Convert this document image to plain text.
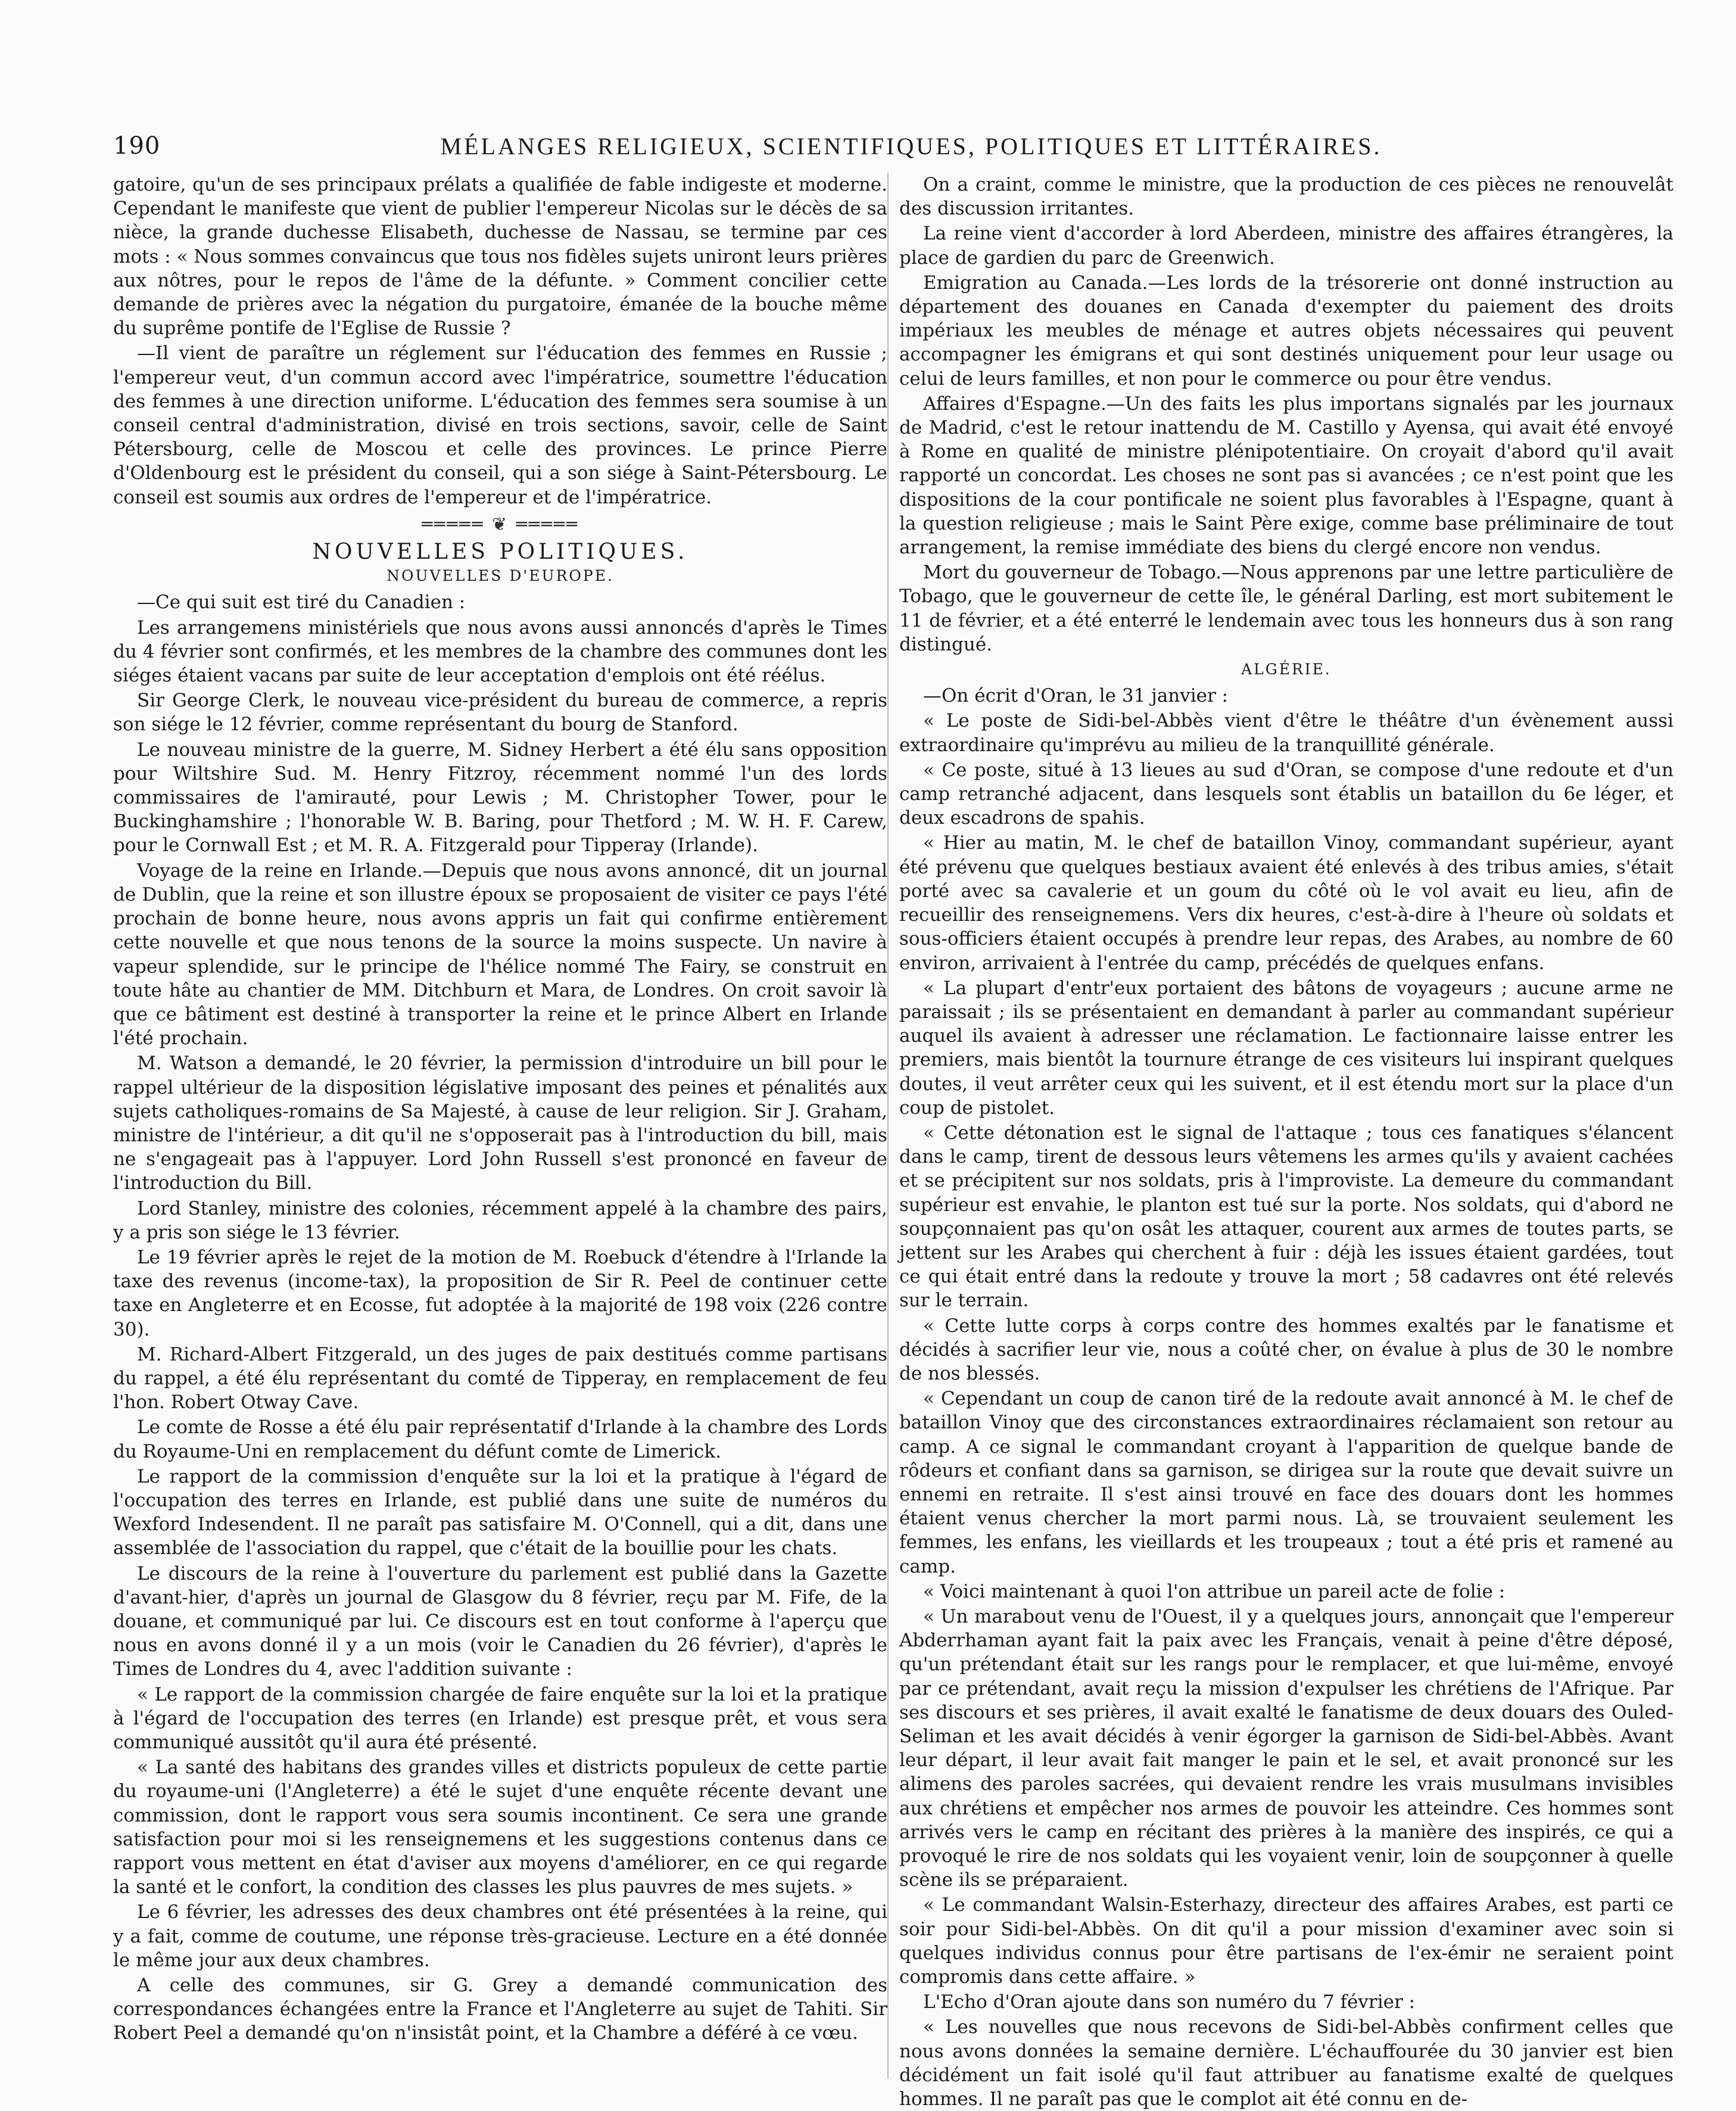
190	MÉLANGES RELIGIEUX, SCIENTIFIQUES, POLITIQUES ET LITTÉRAIRES.

gatoire, qu'un de ses principaux prélats a qualifiée de fable indigeste et moderne. Cependant le manifeste que vient de publier l'empereur Nicolas sur le décès de sa nièce, la grande duchesse Elisabeth, duchesse de Nassau, se termine par ces mots : « Nous sommes convaincus que tous nos fidèles sujets uniront leurs prières aux nôtres, pour le repos de l'âme de la défunte. » Comment concilier cette demande de prières avec la négation du purgatoire, émanée de la bouche même du suprême pontife de l'Eglise de Russie ?

—Il vient de paraître un réglement sur l'éducation des femmes en Russie ; l'empereur veut, d'un commun accord avec l'impératrice, soumettre l'éducation des femmes à une direction uniforme. L'éducation des femmes sera soumise à un conseil central d'administration, divisé en trois sections, savoir, celle de Saint Pétersbourg, celle de Moscou et celle des provinces. Le prince Pierre d'Oldenbourg est le président du conseil, qui a son siége à Saint-Pétersbourg. Le conseil est soumis aux ordres de l'empereur et de l'impératrice.

═════ ❦ ═════
NOUVELLES POLITIQUES.
NOUVELLES D'EUROPE.

—Ce qui suit est tiré du Canadien :

Les arrangemens ministériels que nous avons aussi annoncés d'après le Times du 4 février sont confirmés, et les membres de la chambre des communes dont les siéges étaient vacans par suite de leur acceptation d'emplois ont été réélus.

Sir George Clerk, le nouveau vice-président du bureau de commerce, a repris son siége le 12 février, comme représentant du bourg de Stanford.

Le nouveau ministre de la guerre, M. Sidney Herbert a été élu sans opposition pour Wiltshire Sud. M. Henry Fitzroy, récemment nommé l'un des lords commissaires de l'amirauté, pour Lewis ; M. Christopher Tower, pour le Buckinghamshire ; l'honorable W. B. Baring, pour Thetford ; M. W. H. F. Carew, pour le Cornwall Est ; et M. R. A. Fitzgerald pour Tipperay (Irlande).

Voyage de la reine en Irlande.—Depuis que nous avons annoncé, dit un journal de Dublin, que la reine et son illustre époux se proposaient de visiter ce pays l'été prochain de bonne heure, nous avons appris un fait qui confirme entièrement cette nouvelle et que nous tenons de la source la moins suspecte. Un navire à vapeur splendide, sur le principe de l'hélice nommé The Fairy, se construit en toute hâte au chantier de MM. Ditchburn et Mara, de Londres. On croit savoir là que ce bâtiment est destiné à transporter la reine et le prince Albert en Irlande l'été prochain.

M. Watson a demandé, le 20 février, la permission d'introduire un bill pour le rappel ultérieur de la disposition législative imposant des peines et pénalités aux sujets catholiques-romains de Sa Majesté, à cause de leur religion. Sir J. Graham, ministre de l'intérieur, a dit qu'il ne s'opposerait pas à l'introduction du bill, mais ne s'engageait pas à l'appuyer. Lord John Russell s'est prononcé en faveur de l'introduction du Bill.

Lord Stanley, ministre des colonies, récemment appelé à la chambre des pairs, y a pris son siége le 13 février.

Le 19 février après le rejet de la motion de M. Roebuck d'étendre à l'Irlande la taxe des revenus (income-tax), la proposition de Sir R. Peel de continuer cette taxe en Angleterre et en Ecosse, fut adoptée à la majorité de 198 voix (226 contre 30).

M. Richard-Albert Fitzgerald, un des juges de paix destitués comme partisans du rappel, a été élu représentant du comté de Tipperay, en remplacement de feu l'hon. Robert Otway Cave.

Le comte de Rosse a été élu pair représentatif d'Irlande à la chambre des Lords du Royaume-Uni en remplacement du défunt comte de Limerick.

Le rapport de la commission d'enquête sur la loi et la pratique à l'égard de l'occupation des terres en Irlande, est publié dans une suite de numéros du Wexford Indesendent. Il ne paraît pas satisfaire M. O'Connell, qui a dit, dans une assemblée de l'association du rappel, que c'était de la bouillie pour les chats.

Le discours de la reine à l'ouverture du parlement est publié dans la Gazette d'avant-hier, d'après un journal de Glasgow du 8 février, reçu par M. Fife, de la douane, et communiqué par lui. Ce discours est en tout conforme à l'aperçu que nous en avons donné il y a un mois (voir le Canadien du 26 février), d'après le Times de Londres du 4, avec l'addition suivante :

« Le rapport de la commission chargée de faire enquête sur la loi et la pratique à l'égard de l'occupation des terres (en Irlande) est presque prêt, et vous sera communiqué aussitôt qu'il aura été présenté.

« La santé des habitans des grandes villes et districts populeux de cette partie du royaume-uni (l'Angleterre) a été le sujet d'une enquête récente devant une commission, dont le rapport vous sera soumis incontinent. Ce sera une grande satisfaction pour moi si les renseignemens et les suggestions contenus dans ce rapport vous mettent en état d'aviser aux moyens d'améliorer, en ce qui regarde la santé et le confort, la condition des classes les plus pauvres de mes sujets. »

Le 6 février, les adresses des deux chambres ont été présentées à la reine, qui y a fait, comme de coutume, une réponse très-gracieuse. Lecture en a été donnée le même jour aux deux chambres.

A celle des communes, sir G. Grey a demandé communication des correspondances échangées entre la France et l'Angleterre au sujet de Tahiti. Sir Robert Peel a demandé qu'on n'insistât point, et la Chambre a déféré à ce vœu.

On a craint, comme le ministre, que la production de ces pièces ne renouvelât des discussion irritantes.

La reine vient d'accorder à lord Aberdeen, ministre des affaires étrangères, la place de gardien du parc de Greenwich.

Emigration au Canada.—Les lords de la trésorerie ont donné instruction au département des douanes en Canada d'exempter du paiement des droits impériaux les meubles de ménage et autres objets nécessaires qui peuvent accompagner les émigrans et qui sont destinés uniquement pour leur usage ou celui de leurs familles, et non pour le commerce ou pour être vendus.

Affaires d'Espagne.—Un des faits les plus importans signalés par les journaux de Madrid, c'est le retour inattendu de M. Castillo y Ayensa, qui avait été envoyé à Rome en qualité de ministre plénipotentiaire. On croyait d'abord qu'il avait rapporté un concordat. Les choses ne sont pas si avancées ; ce n'est point que les dispositions de la cour pontificale ne soient plus favorables à l'Espagne, quant à la question religieuse ; mais le Saint Père exige, comme base préliminaire de tout arrangement, la remise immédiate des biens du clergé encore non vendus.

Mort du gouverneur de Tobago.—Nous apprenons par une lettre particulière de Tobago, que le gouverneur de cette île, le général Darling, est mort subitement le 11 de février, et a été enterré le lendemain avec tous les honneurs dus à son rang distingué.

ALGÉRIE.

—On écrit d'Oran, le 31 janvier :

« Le poste de Sidi-bel-Abbès vient d'être le théâtre d'un évènement aussi extraordinaire qu'imprévu au milieu de la tranquillité générale.

« Ce poste, situé à 13 lieues au sud d'Oran, se compose d'une redoute et d'un camp retranché adjacent, dans lesquels sont établis un bataillon du 6e léger, et deux escadrons de spahis.

« Hier au matin, M. le chef de bataillon Vinoy, commandant supérieur, ayant été prévenu que quelques bestiaux avaient été enlevés à des tribus amies, s'était porté avec sa cavalerie et un goum du côté où le vol avait eu lieu, afin de recueillir des renseignemens. Vers dix heures, c'est-à-dire à l'heure où soldats et sous-officiers étaient occupés à prendre leur repas, des Arabes, au nombre de 60 environ, arrivaient à l'entrée du camp, précédés de quelques enfans.

« La plupart d'entr'eux portaient des bâtons de voyageurs ; aucune arme ne paraissait ; ils se présentaient en demandant à parler au commandant supérieur auquel ils avaient à adresser une réclamation. Le factionnaire laisse entrer les premiers, mais bientôt la tournure étrange de ces visiteurs lui inspirant quelques doutes, il veut arrêter ceux qui les suivent, et il est étendu mort sur la place d'un coup de pistolet.

« Cette détonation est le signal de l'attaque ; tous ces fanatiques s'élancent dans le camp, tirent de dessous leurs vêtemens les armes qu'ils y avaient cachées et se précipitent sur nos soldats, pris à l'improviste. La demeure du commandant supérieur est envahie, le planton est tué sur la porte. Nos soldats, qui d'abord ne soupçonnaient pas qu'on osât les attaquer, courent aux armes de toutes parts, se jettent sur les Arabes qui cherchent à fuir : déjà les issues étaient gardées, tout ce qui était entré dans la redoute y trouve la mort ; 58 cadavres ont été relevés sur le terrain.

« Cette lutte corps à corps contre des hommes exaltés par le fanatisme et décidés à sacrifier leur vie, nous a coûté cher, on évalue à plus de 30 le nombre de nos blessés.

« Cependant un coup de canon tiré de la redoute avait annoncé à M. le chef de bataillon Vinoy que des circonstances extraordinaires réclamaient son retour au camp. A ce signal le commandant croyant à l'apparition de quelque bande de rôdeurs et confiant dans sa garnison, se dirigea sur la route que devait suivre un ennemi en retraite. Il s'est ainsi trouvé en face des douars dont les hommes étaient venus chercher la mort parmi nous. Là, se trouvaient seulement les femmes, les enfans, les vieillards et les troupeaux ; tout a été pris et ramené au camp.

« Voici maintenant à quoi l'on attribue un pareil acte de folie :

« Un marabout venu de l'Ouest, il y a quelques jours, annonçait que l'empereur Abderrhaman ayant fait la paix avec les Français, venait à peine d'être déposé, qu'un prétendant était sur les rangs pour le remplacer, et que lui-même, envoyé par ce prétendant, avait reçu la mission d'expulser les chrétiens de l'Afrique. Par ses discours et ses prières, il avait exalté le fanatisme de deux douars des Ouled-Seliman et les avait décidés à venir égorger la garnison de Sidi-bel-Abbès. Avant leur départ, il leur avait fait manger le pain et le sel, et avait prononcé sur les alimens des paroles sacrées, qui devaient rendre les vrais musulmans invisibles aux chrétiens et empêcher nos armes de pouvoir les atteindre. Ces hommes sont arrivés vers le camp en récitant des prières à la manière des inspirés, ce qui a provoqué le rire de nos soldats qui les voyaient venir, loin de soupçonner à quelle scène ils se préparaient.

« Le commandant Walsin-Esterhazy, directeur des affaires Arabes, est parti ce soir pour Sidi-bel-Abbès. On dit qu'il a pour mission d'examiner avec soin si quelques individus connus pour être partisans de l'ex-émir ne seraient point compromis dans cette affaire. »

L'Echo d'Oran ajoute dans son numéro du 7 février :

« Les nouvelles que nous recevons de Sidi-bel-Abbès confirment celles que nous avons données la semaine dernière. L'échauffourée du 30 janvier est bien décidément un fait isolé qu'il faut attribuer au fanatisme exalté de quelques hommes. Il ne paraît pas que le complot ait été connu en de-
